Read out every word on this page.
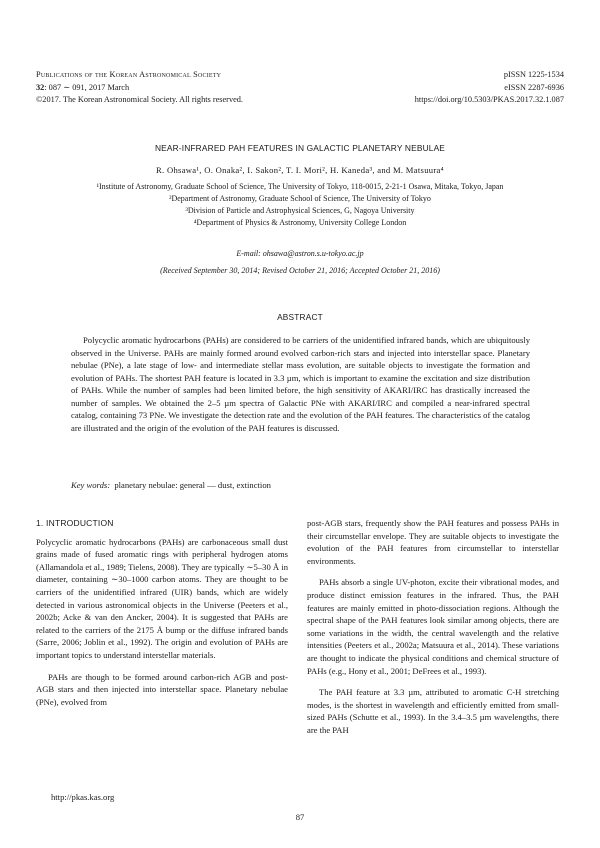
Publications of the Korean Astronomical Society
32: 087 ∼ 091, 2017 March
©2017. The Korean Astronomical Society. All rights reserved.
pISSN 1225-1534
eISSN 2287-6936
https://doi.org/10.5303/PKAS.2017.32.1.087
NEAR-INFRARED PAH FEATURES IN GALACTIC PLANETARY NEBULAE
R. Ohsawa¹, O. Onaka², I. Sakon², T. I. Mori², H. Kaneda³, and M. Matsuura⁴
¹Institute of Astronomy, Graduate School of Science, The University of Tokyo, 118-0015, 2-21-1 Osawa, Mitaka, Tokyo, Japan
²Department of Astronomy, Graduate School of Science, The University of Tokyo
³Division of Particle and Astrophysical Sciences, G, Nagoya University
⁴Department of Physics & Astronomy, University College London
E-mail: ohsawa@astron.s.u-tokyo.ac.jp
(Received September 30, 2014; Revised October 21, 2016; Accepted October 21, 2016)
ABSTRACT

Polycyclic aromatic hydrocarbons (PAHs) are considered to be carriers of the unidentified infrared bands, which are ubiquitously observed in the Universe. PAHs are mainly formed around evolved carbon-rich stars and injected into interstellar space. Planetary nebulae (PNe), a late stage of low- and intermediate stellar mass evolution, are suitable objects to investigate the formation and evolution of PAHs. The shortest PAH feature is located in 3.3 µm, which is important to examine the excitation and size distribution of PAHs. While the number of samples had been limited before, the high sensitivity of AKARI/IRC has drastically increased the number of samples. We obtained the 2–5 µm spectra of Galactic PNe with AKARI/IRC and compiled a near-infrared spectral catalog, containing 73 PNe. We investigate the detection rate and the evolution of the PAH features. The characteristics of the catalog are illustrated and the origin of the evolution of the PAH features is discussed.

Key words: planetary nebulae: general — dust, extinction
1. INTRODUCTION

Polycyclic aromatic hydrocarbons (PAHs) are carbonaceous small dust grains made of fused aromatic rings with peripheral hydrogen atoms (Allamandola et al., 1989; Tielens, 2008). They are typically ∼5–30 Å in diameter, containing ∼30–1000 carbon atoms. They are thought to be carriers of the unidentified infrared (UIR) bands, which are widely detected in various astronomical objects in the Universe (Peeters et al., 2002b; Acke & van den Ancker, 2004). It is suggested that PAHs are related to the carriers of the 2175 Å bump or the diffuse infrared bands (Sarre, 2006; Joblin et al., 1992). The origin and evolution of PAHs are important topics to understand interstellar materials.

PAHs are though to be formed around carbon-rich AGB and post-AGB stars and then injected into interstellar space. Planetary nebulae (PNe), evolved from

post-AGB stars, frequently show the PAH features and possess PAHs in their circumstellar envelope. They are suitable objects to investigate the evolution of the PAH features from circumstellar to interstellar environments.

PAHs absorb a single UV-photon, excite their vibrational modes, and produce distinct emission features in the infrared. Thus, the PAH features are mainly emitted in photo-dissociation regions. Although the spectral shape of the PAH features look similar among objects, there are some variations in the width, the central wavelength and the relative intensities (Peeters et al., 2002a; Matsuura et al., 2014). These variations are thought to indicate the physical conditions and chemical structure of PAHs (e.g., Hony et al., 2001; DeFrees et al., 1993).

The PAH feature at 3.3 µm, attributed to aromatic C-H stretching modes, is the shortest in wavelength and efficiently emitted from small-sized PAHs (Schutte et al., 1993). In the 3.4–3.5 µm wavelengths, there are the PAH

http://pkas.kas.org
87
